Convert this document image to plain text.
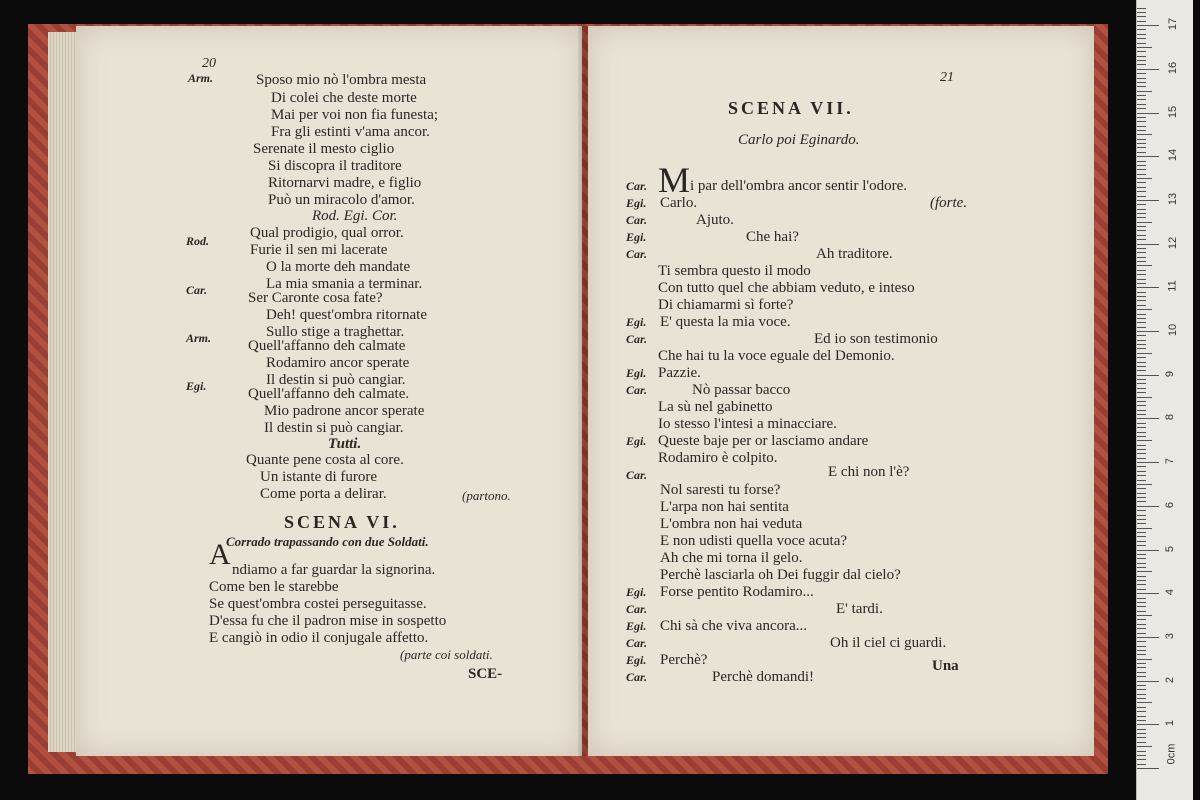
20
Arm.	Sposo mio nò l'ombra mesta
Di colei che deste morte
Mai per voi non fia funesta;
Fra gli estinti v'ama ancor.
Serenate il mesto ciglio
Si discopra il traditore
Ritornarvi madre, e figlio
Può un miracolo d'amor.
Rod. Egi. Cor.
Qual prodigio, qual orror.
Rod.
Furie il sen mi lacerate
O la morte deh mandate
La mia smania a terminar.
Car.	Ser Caronte cosa fate?
Deh! quest'ombra ritornate
Sullo stige a traghettar.
Arm. Quell'affanno deh calmate
Rodamiro ancor sperate
Il destin si può cangiar.
Egi.	Quell'affanno deh calmate.
Mio padrone ancor sperate
Il destin si può cangiar.
Tutti.
Quante pene costa al core.
Un istante di furore
Come porta a delirar.	(partono.
SCENA VI.
Corrado trapassando con due Soldati.
A ndiamo a far guardar la signorina.
Come ben le starebbe
Se quest'ombra costei perseguitasse.
D'essa fu che il padron mise in sospetto
E cangiò in odio il conjugale affetto.
(parte coi soldati.
SCE-
21
SCENA VII.
Carlo poi Eginardo.
Car. M i par dell'ombra ancor sentir l'odore.
Egi. Carlo.	(forte.
Car.	Ajuto.
Egi.	Che hai?
Car.	Ah traditore.
Ti sembra questo il modo
Con tutto quel che abbiam veduto, e inteso
Di chiamarmi sì forte?
Egi. E' questa la mia voce.
Car.	Ed io son testimonio
Che hai tu la voce eguale del Demonio.
Egi. Pazzie.
Car.	Nò passar bacco
La sù nel gabinetto
Io stesso l'intesi a minacciare.
Egi. Queste baje per or lasciamo andare
Rodamiro è colpito.
Car.	E chi non l'è?
Nol saresti tu forse?
L'arpa non hai sentita
L'ombra non hai veduta
E non udisti quella voce acuta?
Ah che mi torna il gelo.
Perchè lasciarla oh Dei fuggir dal cielo?
Egi. Forse pentito Rodamiro...
Car.	E' tardi.
Egi. Chi sà che viva ancora...
Car.	Oh il ciel ci guardi.
Egi. Perchè?
Car.	Perchè domandi!
Una
0cm
1
2
3
4
5
6
7
8
9
10
11
12
13
14
15
16
17
